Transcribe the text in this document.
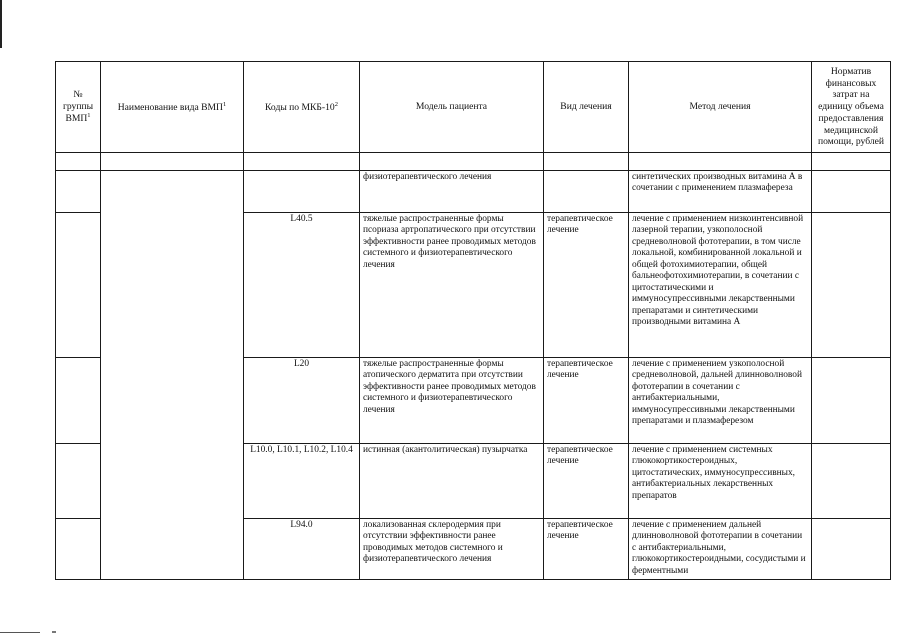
№ группы ВМП$^1$	Наименование вида ВМП$^1$	Коды по МКБ-$10^2$	Модель пациента	Вид лечения	Метод лечения	Норматив финансовых затрат на единицу объема предоставления медицинской помощи, рублей

			физиотерапевтического лечения		синтетических производных витамина А в сочетании с применением плазмафереза	
		L40.5	тяжелые распространенные формы псориаза артропатического при отсутствии эффективности ранее проводимых методов системного и физиотерапевтического лечения	терапевтическое лечение	лечение с применением низкоинтенсивной лазерной терапии, узкополосной средневолновой фототерапии, в том числе локальной, комбинированной локальной и общей фотохимиотерапии, общей бальнеофотохимиотерапии, в сочетании с цитостатическими и иммуносупрессивными лекарственными препаратами и синтетическими производными витамина А	
		L20	тяжелые распространенные формы атопического дерматита при отсутствии эффективности ранее проводимых методов системного и физиотерапевтического лечения	терапевтическое лечение	лечение с применением узкополосной средневолновой, дальней длинноволновой фототерапии в сочетании с антибактериальными, иммуносупрессивными лекарственными препаратами и плазмаферезом	
		L10.0, L10.1, L10.2, L10.4	истинная (акантолитическая) пузырчатка	терапевтическое лечение	лечение с применением системных глюкокортикостероидных, цитостатических, иммуносупрессивных, антибактериальных лекарственных препаратов	
		L94.0	локализованная склеродермия при отсутствии эффективности ранее проводимых методов системного и физиотерапевтического лечения	терапевтическое лечение	лечение с применением дальней длинноволновой фототерапии в сочетании с антибактериальными, глюкокортикостероидными, сосудистыми и ферментными	
